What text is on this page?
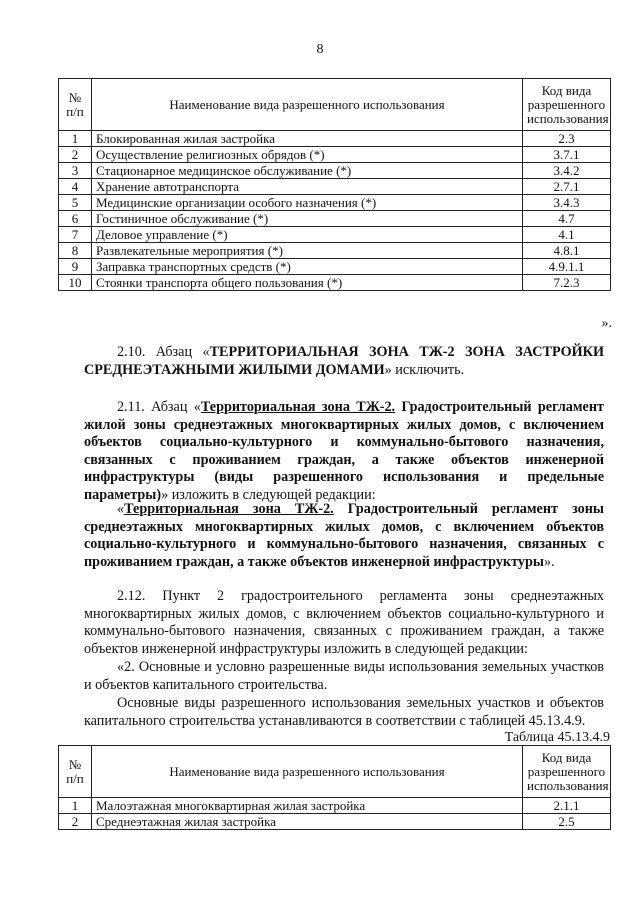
8
№ п/п	Наименование вида разрешенного использования	Код вида разрешенного использования
1	Блокированная жилая застройка	2.3
2	Осуществление религиозных обрядов (*)	3.7.1
3	Стационарное медицинское обслуживание (*)	3.4.2
4	Хранение автотранспорта	2.7.1
5	Медицинские организации особого назначения (*)	3.4.3
6	Гостиничное обслуживание (*)	4.7
7	Деловое управление (*)	4.1
8	Развлекательные мероприятия (*)	4.8.1
9	Заправка транспортных средств (*)	4.9.1.1
10	Стоянки транспорта общего пользования (*)	7.2.3
».
2.10. Абзац «ТЕРРИТОРИАЛЬНАЯ ЗОНА ТЖ-2 ЗОНА ЗАСТРОЙКИ СРЕДНЕЭТАЖНЫМИ ЖИЛЫМИ ДОМАМИ» исключить.
2.11. Абзац «Территориальная зона ТЖ-2. Градостроительный регламент жилой зоны среднеэтажных многоквартирных жилых домов, с включением объектов социально-культурного и коммунально-бытового назначения, связанных с проживанием граждан, а также объектов инженерной инфраструктуры (виды разрешенного использования и предельные параметры)» изложить в следующей редакции:
«Территориальная зона ТЖ-2. Градостроительный регламент зоны среднеэтажных многоквартирных жилых домов, с включением объектов социально-культурного и коммунально-бытового назначения, связанных с проживанием граждан, а также объектов инженерной инфраструктуры».
2.12. Пункт 2 градостроительного регламента зоны среднеэтажных многоквартирных жилых домов, с включением объектов социально-культурного и коммунально-бытового назначения, связанных с проживанием граждан, а также объектов инженерной инфраструктуры изложить в следующей редакции:
«2. Основные и условно разрешенные виды использования земельных участков и объектов капитального строительства.
Основные виды разрешенного использования земельных участков и объектов капитального строительства устанавливаются в соответствии с таблицей 45.13.4.9.
Таблица 45.13.4.9
№ п/п	Наименование вида разрешенного использования	Код вида разрешенного использования
1	Малоэтажная многоквартирная жилая застройка	2.1.1
2	Среднеэтажная жилая застройка	2.5
